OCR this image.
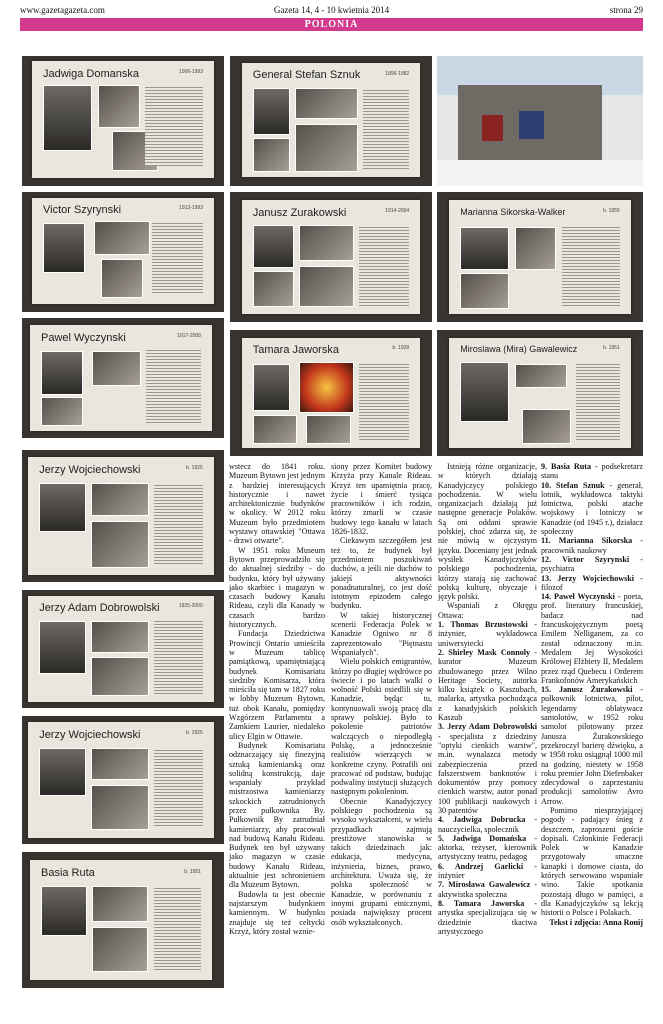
www.gazetagazeta.com	Gazeta 14, 4 - 10 kwietnia 2014	strona 29
POLONIA
Jadwiga Domanska	1906-1993
Victor Szyrynski	1913-1993
Pawel Wyczynski	1917-2008
Jerzy Wojciechowski	b. 1925
Jerzy Adam Dobrowolski	1925-2000
Jerzy Wojciechowski	b. 1925
Basia Ruta	b. 1951
General Stefan Sznuk	1896-1982
Janusz Zurakowski	1914-2004
Tamara Jaworska	b. 1928
Marianna Sikorska-Walker	b. 1955
Miroslawa (Mira) Gawalewicz	b. 1951

wstecz do 1841 roku. Muzeum Bytown jest jednym z bardziej interesujących historycznie i nawet architektonicznie budynków w okolicy. W 2012 roku Muzeum było przedmiotem wystawy ottawskiej "Ottawa - drzwi otwarte".

W 1951 roku Museum Bytown przeprowadziło się do aktualnej siedziby - do budynku, który był używany jako skarbiec i magazyn w czasach budowy Kanału Rideau, czyli dla Kanady w czasach bardzo historycznych.

Fundacja Dziedzictwa Prowincji Ontario umieściła w Muzeum tablicę pamiątkową, upamiętniającą budynek Komisariatu siedziby Komisarza, która mieściła się tam w 1827 roku w lobby Muzeum Bytown, tuż obok Kanału, pomiędzy Wzgórzem Parlamentu a Zamkiem Laurier, niedaleko ulicy Elgin w Ottawie.

Budynek Komisariatu odznaczający się finezyjną sztuką kamieniarską oraz solidną konstrukcją, daje wspaniały przykład mistrzostwa kamieniarzy szkockich zatrudnionych przez pułkownika By. Pułkownik By zatrudniał kamieniarzy, aby pracowali nad budową Kanału Rideau. Budynek ten był używany jako magazyn w czasie budowy Kanału Rideau, aktualnie jest schronieniem dla Muzeum Bytown.

Budowla ta jest obecnie najstarszym budynkiem kamiennym. W budynku znajduje się też celtycki Krzyż, który został wznie-

siony przez Komitet budowy Krzyża przy Kanale Rideau. Krzyż ten upamiętnia pracę, życie i śmierć tysiąca pracowników i ich rodzin, którzy zmarli w czasie budowy tego kanału w latach 1826-1832.

Ciekawym szczegółem jest też to, że budynek był przedmiotem poszukiwań duchów, a jeśli nie duchów to jakiejś aktywności ponadnaturalnej, co jest dość istotnym epizodem całego budynku.

W takiej historycznej scenerii Federacja Polek w Kanadzie Ogniwo nr 8 zaprezentowało "Piętnastu Wspaniałych".

Wielu polskich emigrantów, którzy po długiej wędrówce po świecie i po latach walki o wolność Polski osiedlili się w Kanadzie, będąc tu, kontynuowali swoją pracę dla sprawy polskiej. Było to pokolenie patriotów walczących o niepodległą Polskę, a jednocześnie realistów wierzących w konkretne czyny. Potrafili oni pracować od podstaw, budując podwaliny instytucji służących następnym pokoleniom.

Obecnie Kanadyjczycy polskiego pochodzenia są wysoko wykształceni, w wielu przypadkach zajmują prestiżowe stanowiska w takich dziedzinach jak: edukacja, medycyna, inżynieria, biznes, prawo, architektura. Uważa się, że polska społeczność w Kanadzie, w porównaniu z innymi grupami etnicznymi, posiada największy procent osób wykształconych.

Istnieją różne organizacje, w których działają Kanadyjczycy polskiego pochodzenia. W wielu organizacjach działają już następne generacje Polaków. Są oni oddani sprawie polskiej, choć zdarza się, że nie mówią w ojczystym języku. Doceniany jest jednak wysiłek Kanadyjczyków polskiego pochodzenia, którzy starają się zachować polską kulturę, obyczaje i język polski.

Wspaniali z Okręgu Ottawa:

1. Thomas Brzustowski - inżynier, wykładowca uniwersytecki

2. Shirley Mask Connoly - kurator Muzeum zbudowanego przez Wilno Heritage Society, autorka kilku książek o Kaszubach, malarka, artystka pochodząca z kanadyjskich polskich Kaszub

3. Jerzy Adam Dobrowolski - specjalista z dziedziny "optyki cienkich warstw", m.in. wynalazca metody zabezpieczenia przed fałszerstwem banknotów i dokumentów przy pomocy cienkich warstw, autor ponad 100 publikacji naukowych i 30 patentów

4. Jadwiga Dobrucka - nauczycielka, społecznik

5. Jadwiga Domańska - aktorka, reżyser, kierownik artystyczny teatru, pedagog

6. Andrzej Garlicki - inżynier

7. Mirosława Gawalewicz - aktywistka społeczna

8. Tamara Jaworska - artystka specjalizująca się w dziedzinie tkactwa artystycznego

9. Basia Ruta - podsekretarz stanu

10. Stefan Sznuk - generał, lotnik, wykładowca taktyki lotnictwa, polski atache wojskowy i lotniczy w Kanadzie (od 1945 r.), działacz społeczny

11. Marianna Sikorska - pracownik naukowy

12. Victor Szyrynski - psychiatra

13. Jerzy Wojciechowski - filozof

14. Paweł Wyczynski - poeta, prof. literatury francuskiej, badacz nad francuskojęzycznym poetą Emilem Nelliganem, za co został odznaczony m.in. Medalem Jej Wysokości Królowej Elżbiety II, Medalem przez rząd Quebecu i Orderem Frankofonów Amerykańskich

15. Janusz Żurakowski - pułkownik lotnictwa, pilot, legendarny oblatywacz samolotów, w 1952 roku samolot pilotowany przez Janusza Żurakowskiego przekroczył barierę dźwięku, a w 1958 roku osiągnął 1000 mil na godzinę, niestety w 1958 roku premier John Diefenbaker zdecydował o zaprzestaniu produkcji samolotów Avro Arrow.

Pomimo niesprzyjającej pogody - padający śnieg z deszczem, zaproszeni goście dopisali. Członkinie Federacji Polek w Kanadzie przygotowały smaczne kanapki i domowe ciasta, do których serwowano wspaniałe wino. Takie spotkania pozostają długo w pamięci, a dla Kanadyjczyków są lekcją historii o Polsce i Polakach.

Tekst i zdjęcia: Anna Ronij
